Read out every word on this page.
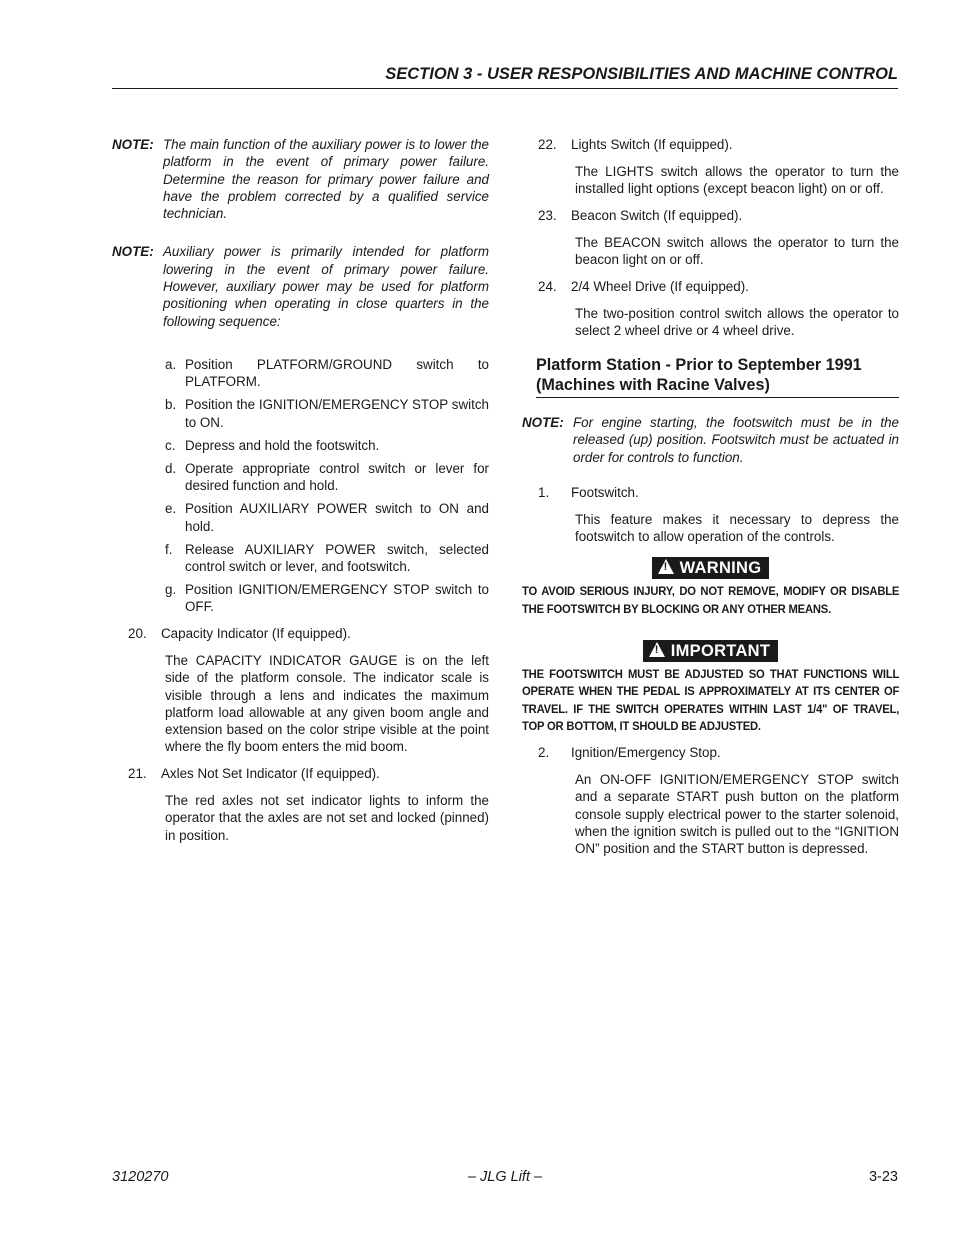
SECTION 3 - USER RESPONSIBILITIES AND MACHINE CONTROL
NOTE: The main function of the auxiliary power is to lower the platform in the event of primary power failure. Determine the reason for primary power failure and have the problem corrected by a qualified service technician.
NOTE: Auxiliary power is primarily intended for platform lowering in the event of primary power failure. However, auxiliary power may be used for platform positioning when operating in close quarters in the following sequence:
a. Position PLATFORM/GROUND switch to PLATFORM.
b. Position the IGNITION/EMERGENCY STOP switch to ON.
c. Depress and hold the footswitch.
d. Operate appropriate control switch or lever for desired function and hold.
e. Position AUXILIARY POWER switch to ON and hold.
f. Release AUXILIARY POWER switch, selected control switch or lever, and footswitch.
g. Position IGNITION/EMERGENCY STOP switch to OFF.
20. Capacity Indicator (If equipped).
The CAPACITY INDICATOR GAUGE is on the left side of the platform console. The indicator scale is visible through a lens and indicates the maximum platform load allowable at any given boom angle and extension based on the color stripe visible at the point where the fly boom enters the mid boom.
21. Axles Not Set Indicator (If equipped).
The red axles not set indicator lights to inform the operator that the axles are not set and locked (pinned) in position.
22. Lights Switch (If equipped).
The LIGHTS switch allows the operator to turn the installed light options (except beacon light) on or off.
23. Beacon Switch (If equipped).
The BEACON switch allows the operator to turn the beacon light on or off.
24. 2/4 Wheel Drive (If equipped).
The two-position control switch allows the operator to select 2 wheel drive or 4 wheel drive.
Platform Station - Prior to September 1991
(Machines with Racine Valves)
NOTE: For engine starting, the footswitch must be in the released (up) position. Footswitch must be actuated in order for controls to function.
1. Footswitch.
This feature makes it necessary to depress the footswitch to allow operation of the controls.
!WARNING
TO AVOID SERIOUS INJURY, DO NOT REMOVE, MODIFY OR DISABLE THE FOOTSWITCH BY BLOCKING OR ANY OTHER MEANS.
!IMPORTANT
THE FOOTSWITCH MUST BE ADJUSTED SO THAT FUNCTIONS WILL OPERATE WHEN THE PEDAL IS APPROXIMATELY AT ITS CENTER OF TRAVEL. IF THE SWITCH OPERATES WITHIN LAST 1/4" OF TRAVEL, TOP OR BOTTOM, IT SHOULD BE ADJUSTED.
2. Ignition/Emergency Stop.
An ON-OFF IGNITION/EMERGENCY STOP switch and a separate START push button on the platform console supply electrical power to the starter solenoid, when the ignition switch is pulled out to the “IGNITION ON” position and the START button is depressed.
3120270	– JLG Lift –	3-23
